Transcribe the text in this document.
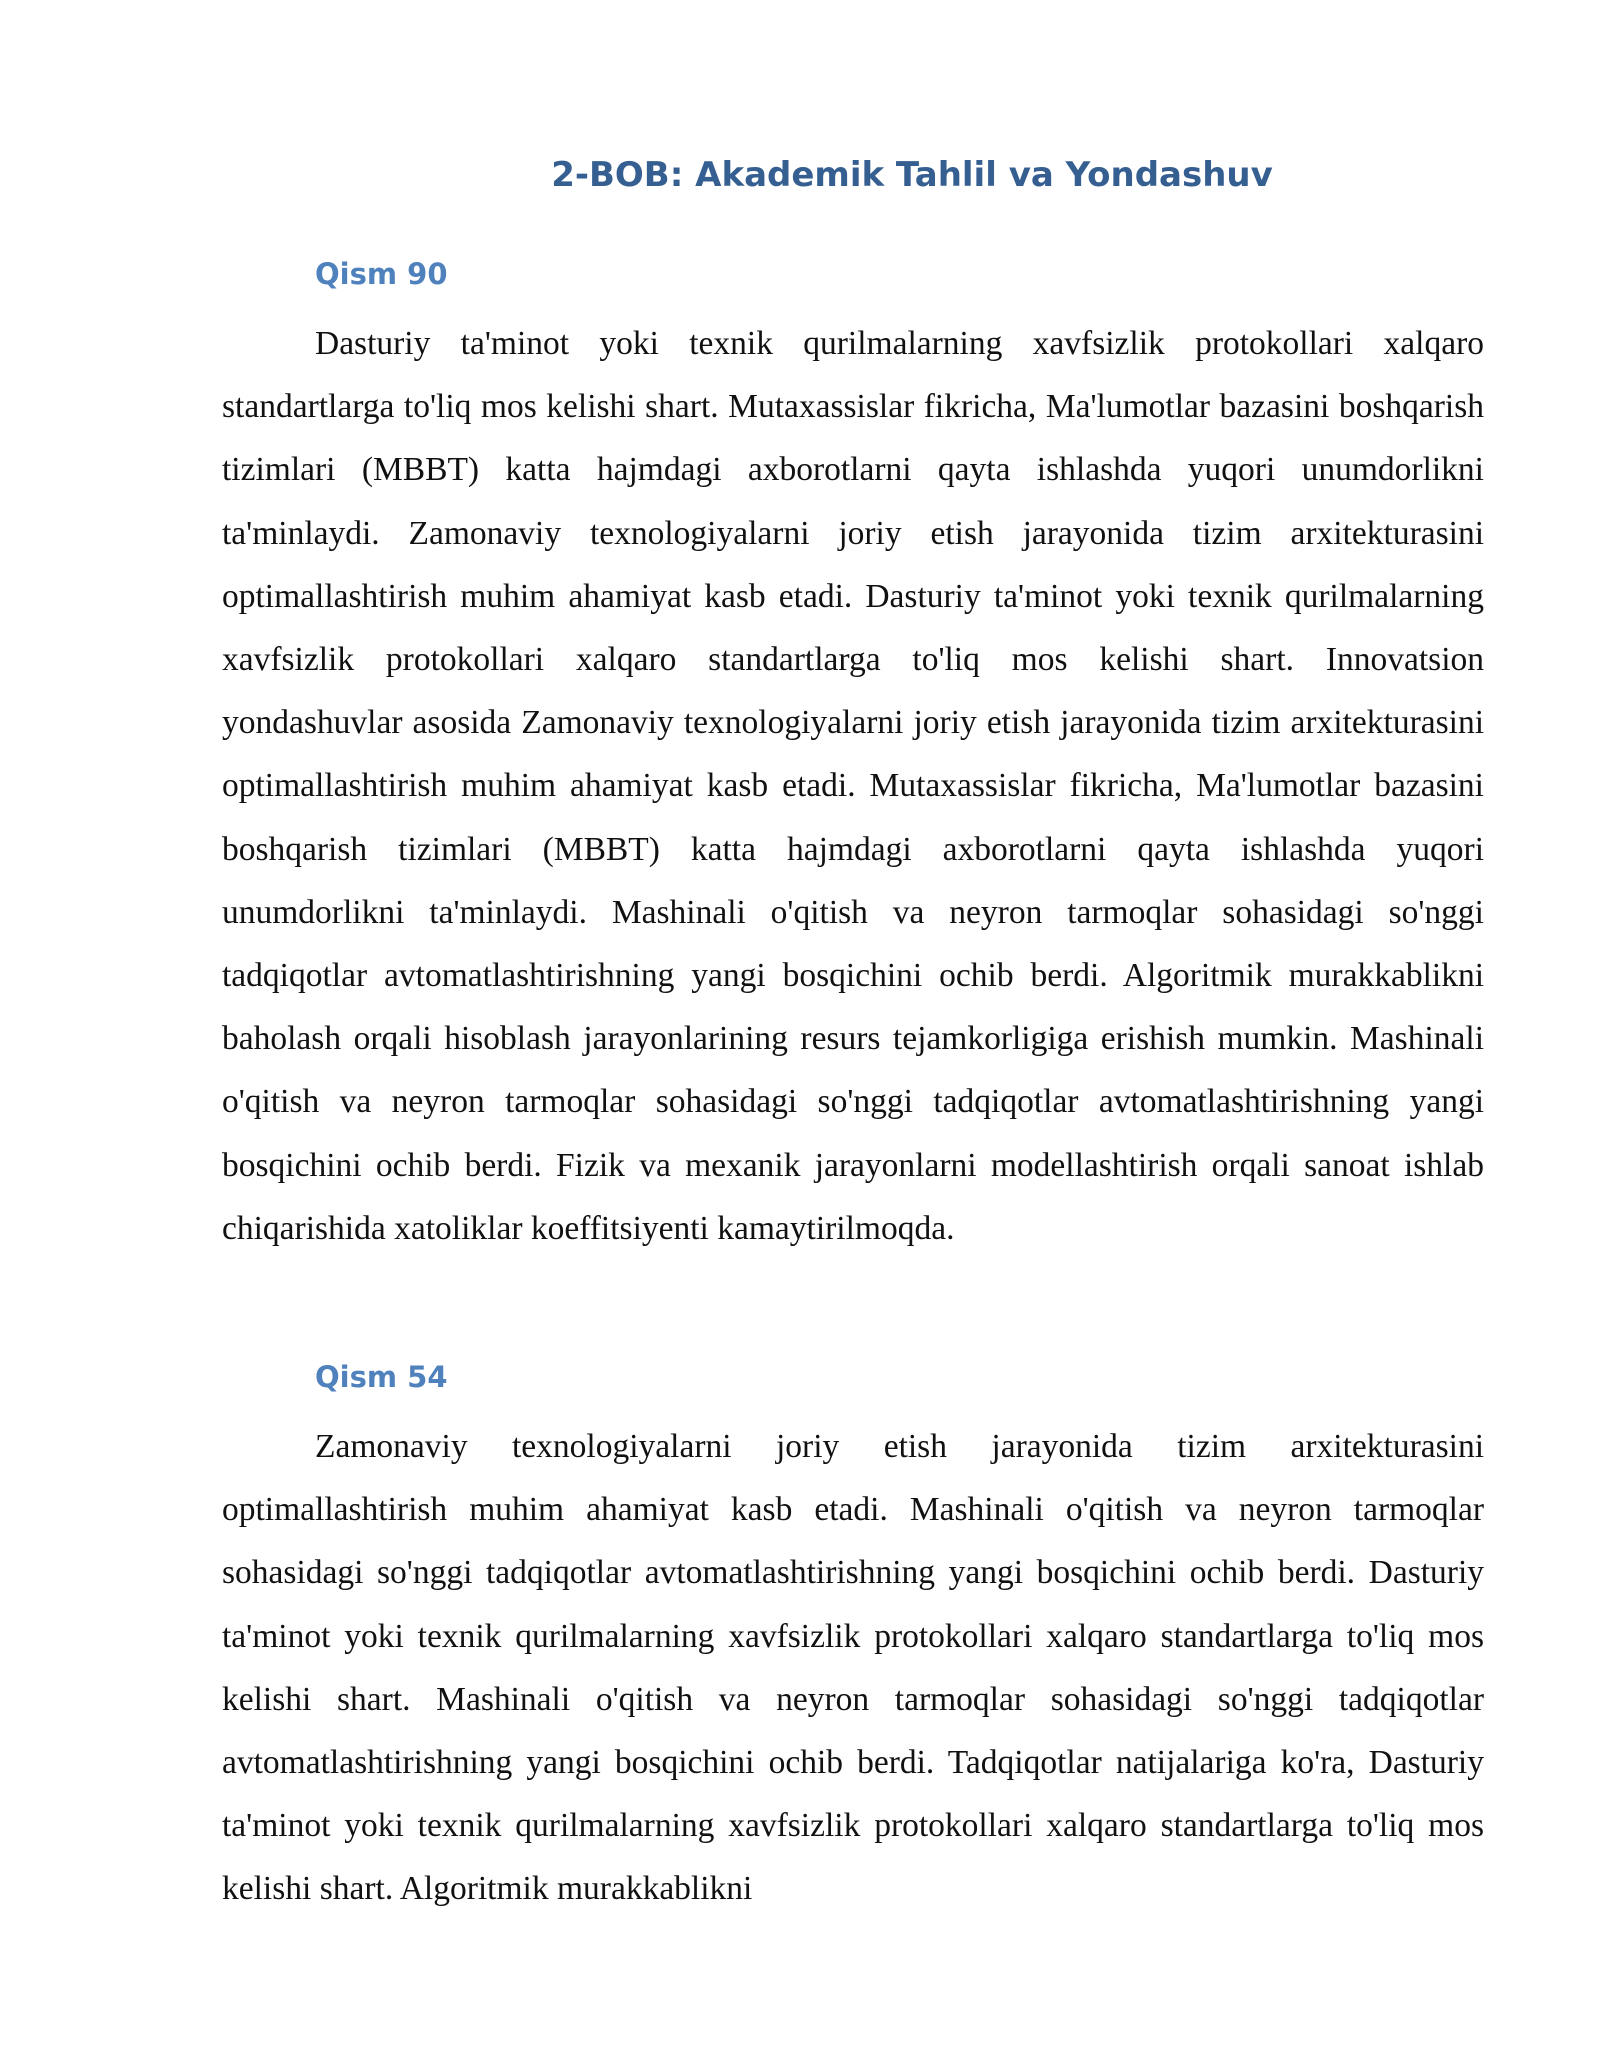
2-BOB: Akademik Tahlil va Yondashuv
Qism 90

Dasturiy ta'minot yoki texnik qurilmalarning xavfsizlik protokollari xalqaro standartlarga to'liq mos kelishi shart. Mutaxassislar fikricha, Ma'lumotlar bazasini boshqarish tizimlari (MBBT) katta hajmdagi axborotlarni qayta ishlashda yuqori unumdorlikni ta'minlaydi. Zamonaviy texnologiyalarni joriy etish jarayonida tizim arxitekturasini optimallashtirish muhim ahamiyat kasb etadi. Dasturiy ta'minot yoki texnik qurilmalarning xavfsizlik protokollari xalqaro standartlarga to'liq mos kelishi shart. Innovatsion yondashuvlar asosida Zamonaviy texnologiyalarni joriy etish jarayonida tizim arxitekturasini optimallashtirish muhim ahamiyat kasb etadi. Mutaxassislar fikricha, Ma'lumotlar bazasini boshqarish tizimlari (MBBT) katta hajmdagi axborotlarni qayta ishlashda yuqori unumdorlikni ta'minlaydi. Mashinali o'qitish va neyron tarmoqlar sohasidagi so'nggi tadqiqotlar avtomatlashtirishning yangi bosqichini ochib berdi. Algoritmik murakkablikni baholash orqali hisoblash jarayonlarining resurs tejamkorligiga erishish mumkin. Mashinali o'qitish va neyron tarmoqlar sohasidagi so'nggi tadqiqotlar avtomatlashtirishning yangi bosqichini ochib berdi. Fizik va mexanik jarayonlarni modellashtirish orqali sanoat ishlab chiqarishida xatoliklar koeffitsiyenti kamaytirilmoqda.

Qism 54

Zamonaviy texnologiyalarni joriy etish jarayonida tizim arxitekturasini optimallashtirish muhim ahamiyat kasb etadi. Mashinali o'qitish va neyron tarmoqlar sohasidagi so'nggi tadqiqotlar avtomatlashtirishning yangi bosqichini ochib berdi. Dasturiy ta'minot yoki texnik qurilmalarning xavfsizlik protokollari xalqaro standartlarga to'liq mos kelishi shart. Mashinali o'qitish va neyron tarmoqlar sohasidagi so'nggi tadqiqotlar avtomatlashtirishning yangi bosqichini ochib berdi. Tadqiqotlar natijalariga ko'ra, Dasturiy ta'minot yoki texnik qurilmalarning xavfsizlik protokollari xalqaro standartlarga to'liq mos kelishi shart. Algoritmik murakkablikni
